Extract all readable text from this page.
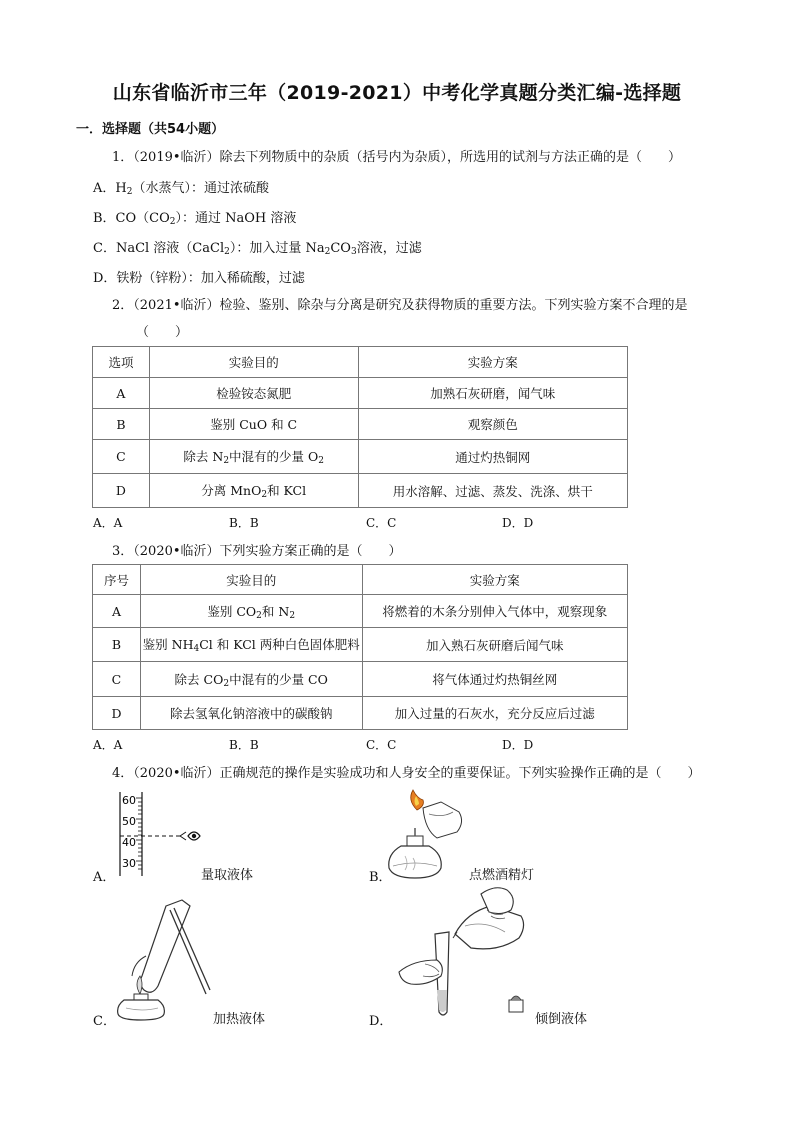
山东省临沂市三年（2019-2021）中考化学真题分类汇编-选择题
一．选择题（共54小题）
1．（2019•临沂）除去下列物质中的杂质（括号内为杂质），所选用的试剂与方法正确的是（　　）
A．$H_2$（水蒸气）：通过浓硫酸
B．$CO(CO_2)$：通过 NaOH 溶液
C．NaCl 溶液（CaCl$_2$）：加入过量 $Na_2CO_3$溶液，过滤
D．铁粉（锌粉）：加入稀硫酸，过滤
2．（2021•临沂）检验、鉴别、除杂与分离是研究及获得物质的重要方法。下列实验方案不合理的是
（　　）
选项	实验目的	实验方案
A	检验铵态氮肥	加熟石灰研磨，闻气味
B	鉴别 CuO 和 C	观察颜色
C	除去 $N_2$中混有的少量 $O_2$	通过灼热铜网
D	分离 MnO$_2$和 KCl	用水溶解、过滤、蒸发、洗涤、烘干
A．A	B．B	C．C	D．D
3．（2020•临沂）下列实验方案正确的是（　　）
序号	实验目的	实验方案
A	鉴别 $CO_2$和 $N_2$	将燃着的木条分别伸入气体中，观察现象
B	鉴别 $NH_4Cl$ 和 KCl 两种白色固体肥料	加入熟石灰研磨后闻气味
C	除去 $CO_2$中混有的少量 CO	将气体通过灼热铜丝网
D	除去氢氧化钠溶液中的碳酸钠	加入过量的石灰水，充分反应后过滤
A．A	B．B	C．C	D．D
4．（2020•临沂）正确规范的操作是实验成功和人身安全的重要保证。下列实验操作正确的是（　　）
60
50
40
30
A．	量取液体	B．	点燃酒精灯
C．	加热液体	D．	倾倒液体
